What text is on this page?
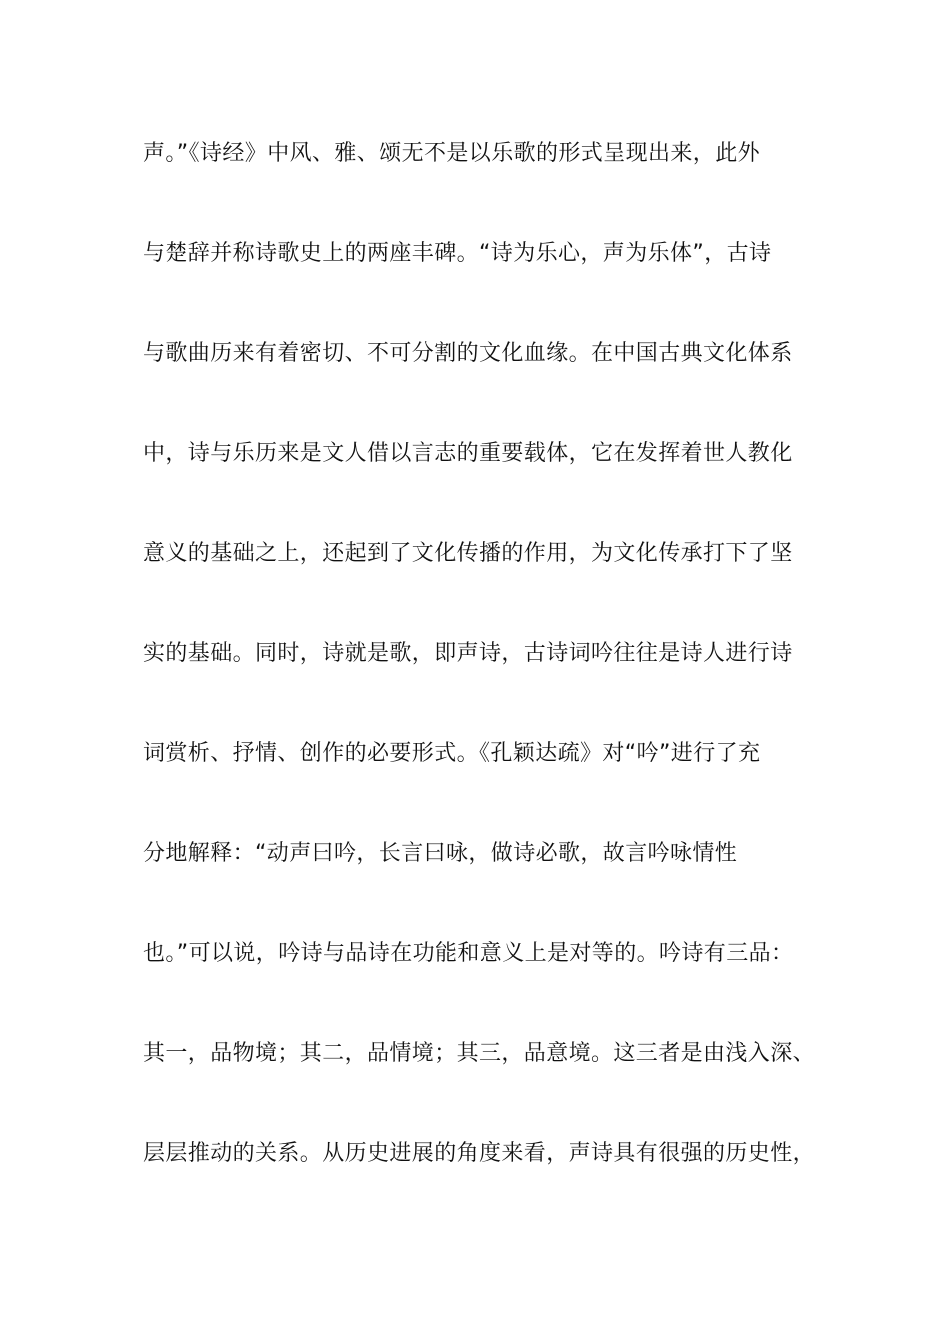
声。”《诗经》中风、雅、颂无不是以乐歌的形式呈现出来，此外
与楚辞并称诗歌史上的两座丰碑。“诗为乐心，声为乐体”，古诗
与歌曲历来有着密切、不可分割的文化血缘。在中国古典文化体系
中，诗与乐历来是文人借以言志的重要载体，它在发挥着世人教化
意义的基础之上，还起到了文化传播的作用，为文化传承打下了坚
实的基础。同时，诗就是歌，即声诗，古诗词吟往往是诗人进行诗
词赏析、抒情、创作的必要形式。《孔颖达疏》对“吟”进行了充
分地解释：“动声曰吟，长言曰咏，做诗必歌，故言吟咏情性
也。”可以说，吟诗与品诗在功能和意义上是对等的。吟诗有三品：
其一，品物境；其二，品情境；其三，品意境。这三者是由浅入深、
层层推动的关系。从历史进展的角度来看，声诗具有很强的历史性，
